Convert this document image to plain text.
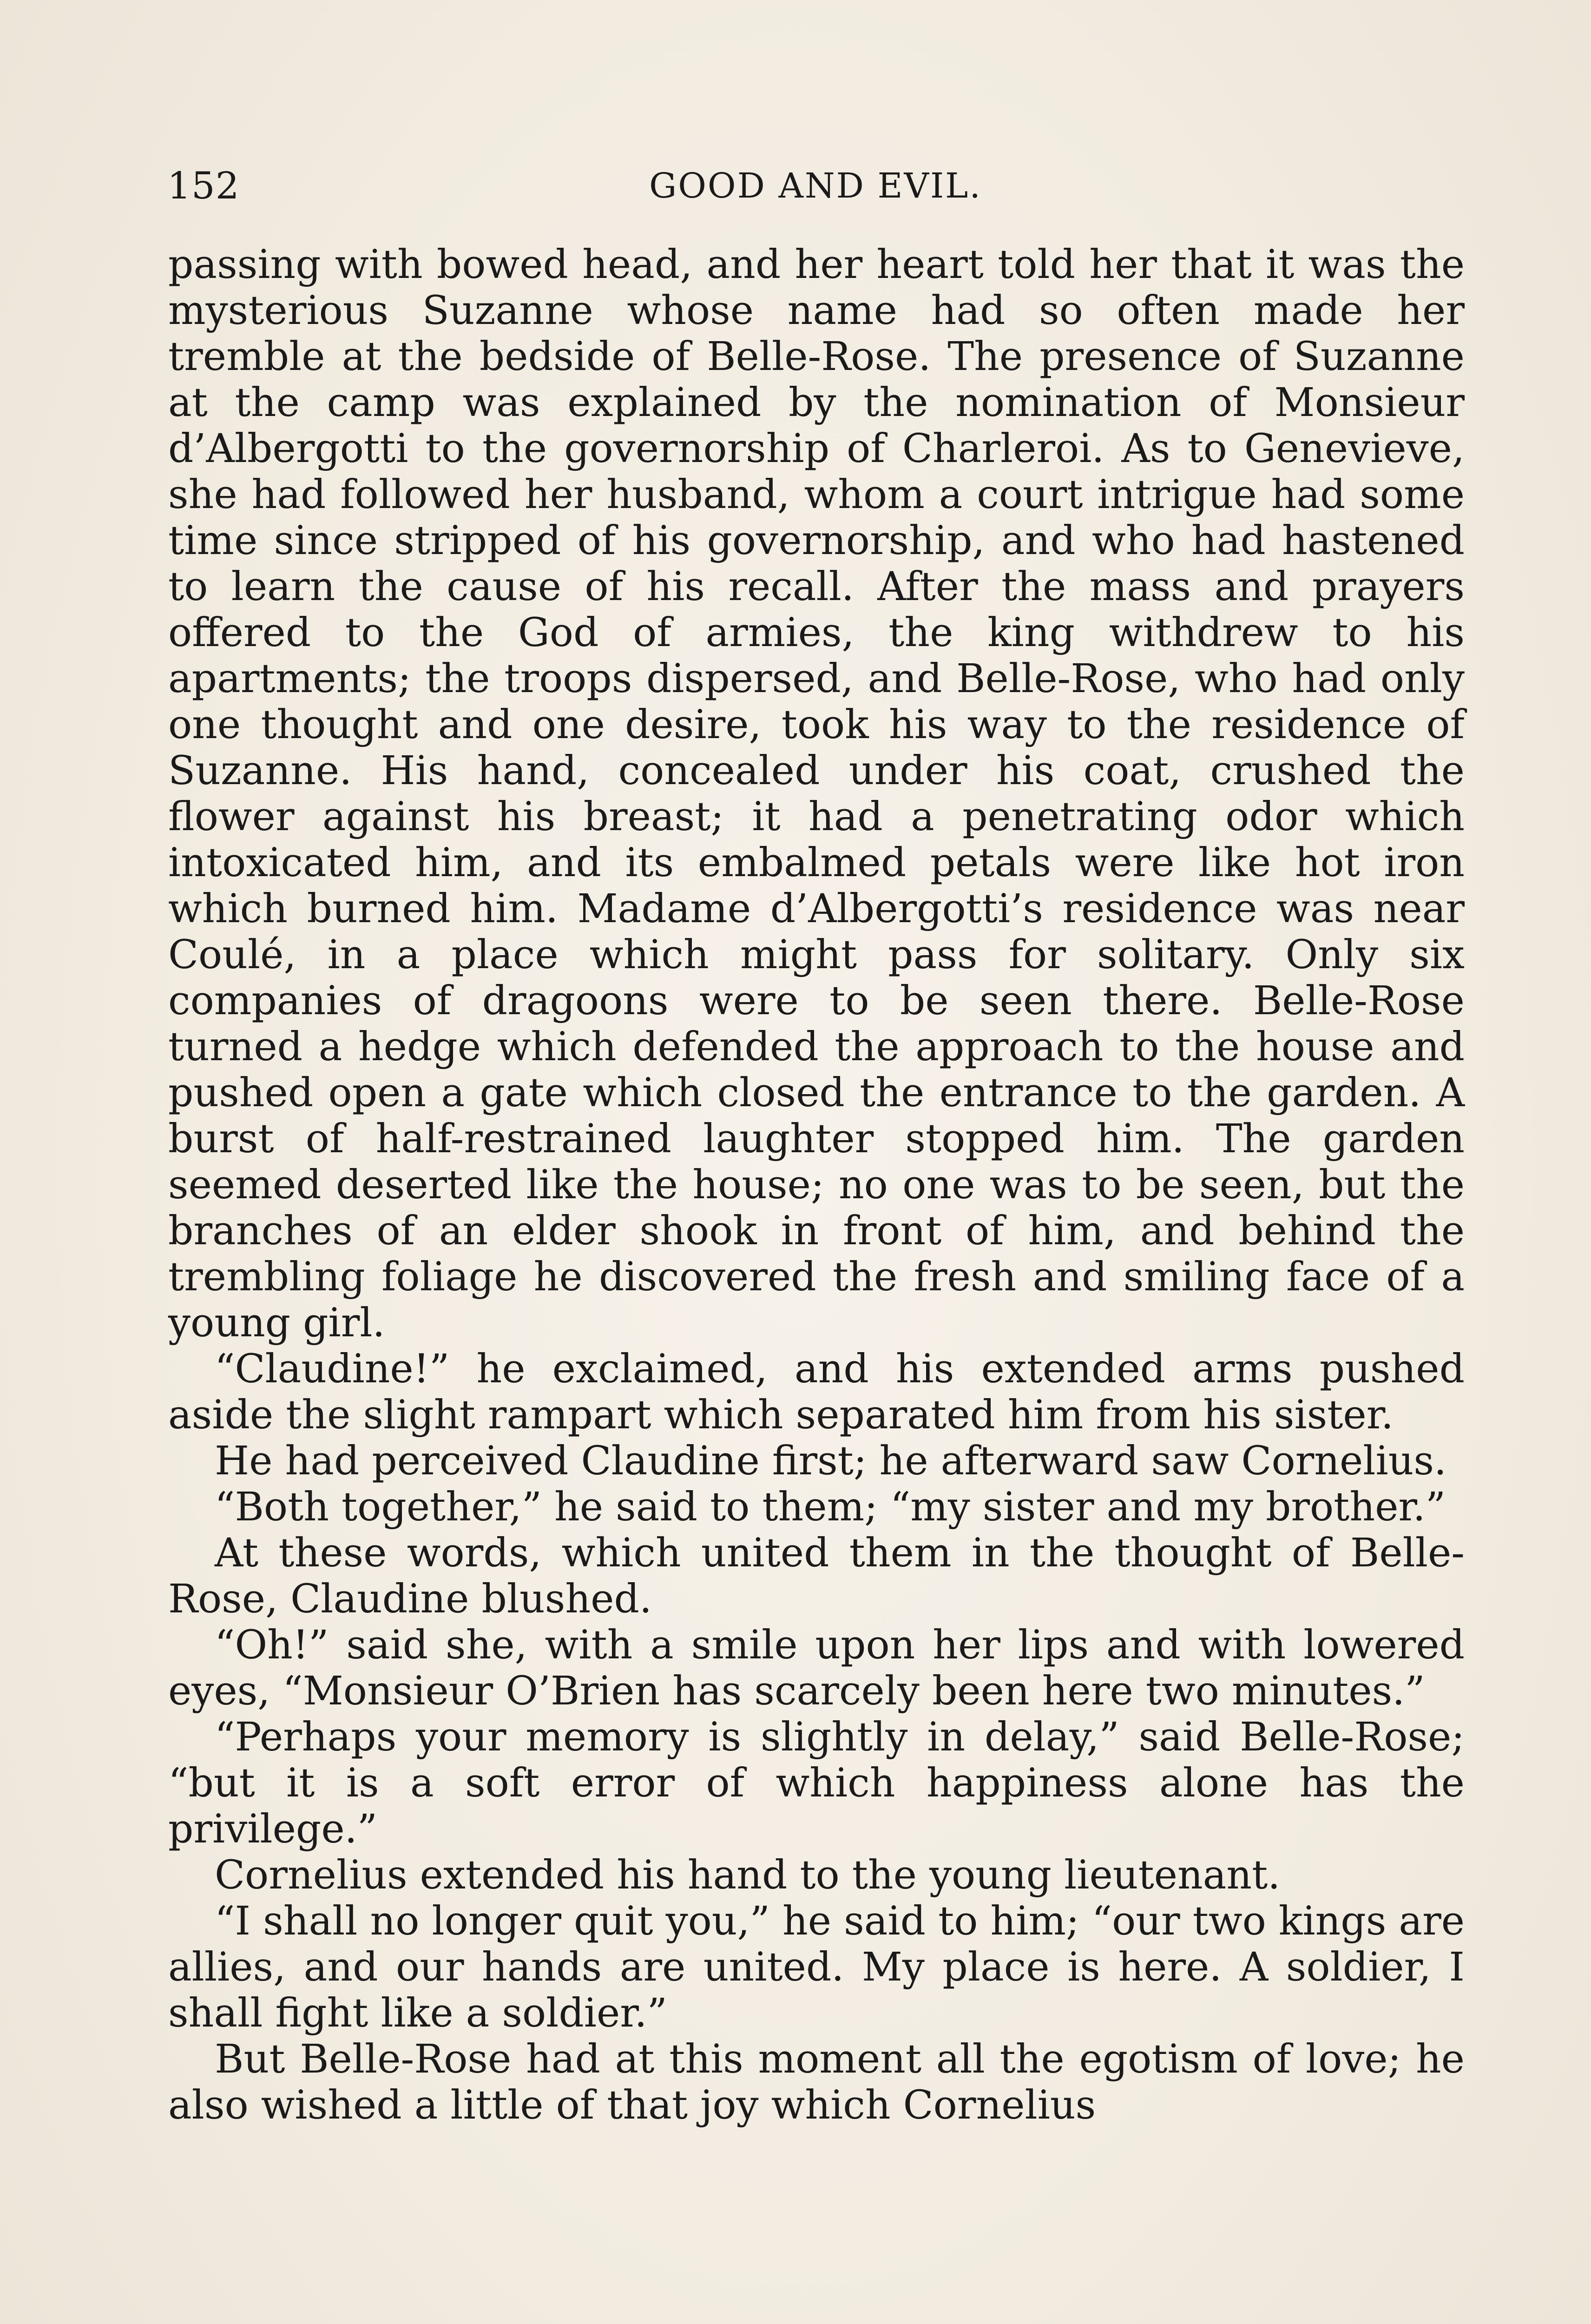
152	GOOD AND EVIL.

passing with bowed head, and her heart told her that it was the mysterious Suzanne whose name had so often made her tremble at the bedside of Belle-Rose. The presence of Suzanne at the camp was explained by the nomination of Monsieur d’Albergotti to the governorship of Charleroi. As to Genevieve, she had followed her husband, whom a court intrigue had some time since stripped of his governorship, and who had hastened to learn the cause of his recall. After the mass and prayers offered to the God of armies, the king withdrew to his apartments; the troops dispersed, and Belle-Rose, who had only one thought and one desire, took his way to the residence of Suzanne. His hand, concealed under his coat, crushed the flower against his breast; it had a penetrating odor which intoxicated him, and its embalmed petals were like hot iron which burned him. Madame d’Albergotti’s residence was near Coulé, in a place which might pass for solitary. Only six companies of dragoons were to be seen there. Belle-Rose turned a hedge which defended the approach to the house and pushed open a gate which closed the entrance to the garden. A burst of half-restrained laughter stopped him. The garden seemed deserted like the house; no one was to be seen, but the branches of an elder shook in front of him, and behind the trembling foliage he discovered the fresh and smiling face of a young girl.

“Claudine!” he exclaimed, and his extended arms pushed aside the slight rampart which separated him from his sister.

He had perceived Claudine first; he afterward saw Cornelius.

“Both together,” he said to them; “my sister and my brother.”

At these words, which united them in the thought of Belle-Rose, Claudine blushed.

“Oh!” said she, with a smile upon her lips and with lowered eyes, “Monsieur O’Brien has scarcely been here two minutes.”

“Perhaps your memory is slightly in delay,” said Belle-Rose; “but it is a soft error of which happiness alone has the privilege.”

Cornelius extended his hand to the young lieutenant.

“I shall no longer quit you,” he said to him; “our two kings are allies, and our hands are united. My place is here. A soldier, I shall fight like a soldier.”

But Belle-Rose had at this moment all the egotism of love; he also wished a little of that joy which Cornelius
